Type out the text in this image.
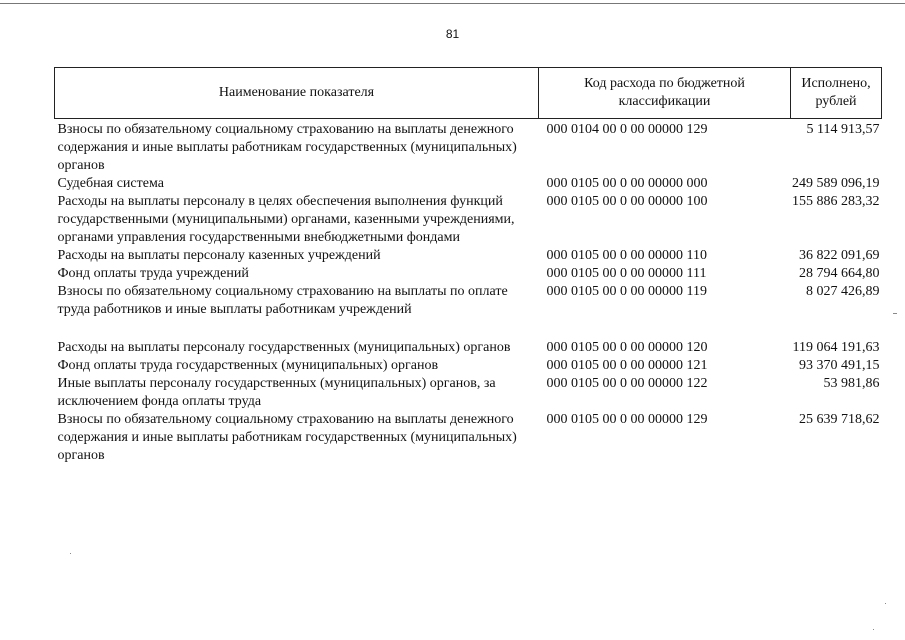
81
Наименование показателя	Код расхода по бюджетной классификации	Исполнено, рублей
Взносы по обязательному социальному страхованию на выплаты денежного содержания и иные выплаты работникам государственных (муниципальных) органов	000 0104 00 0 00 00000 129	5 114 913,57
Судебная система	000 0105 00 0 00 00000 000	249 589 096,19
Расходы на выплаты персоналу в целях обеспечения выполнения функций государственными (муниципальными) органами, казенными учреждениями, органами управления государственными внебюджетными фондами	000 0105 00 0 00 00000 100	155 886 283,32
Расходы на выплаты персоналу казенных учреждений	000 0105 00 0 00 00000 110	36 822 091,69
Фонд оплаты труда учреждений	000 0105 00 0 00 00000 111	28 794 664,80
Взносы по обязательному социальному страхованию на выплаты по оплате труда работников и иные выплаты работникам учреждений	000 0105 00 0 00 00000 119	8 027 426,89
Расходы на выплаты персоналу государственных (муниципальных) органов	000 0105 00 0 00 00000 120	119 064 191,63
Фонд оплаты труда государственных (муниципальных) органов	000 0105 00 0 00 00000 121	93 370 491,15
Иные выплаты персоналу государственных (муниципальных) органов, за исключением фонда оплаты труда	000 0105 00 0 00 00000 122	53 981,86
Взносы по обязательному социальному страхованию на выплаты денежного содержания и иные выплаты работникам государственных (муниципальных) органов	000 0105 00 0 00 00000 129	25 639 718,62
